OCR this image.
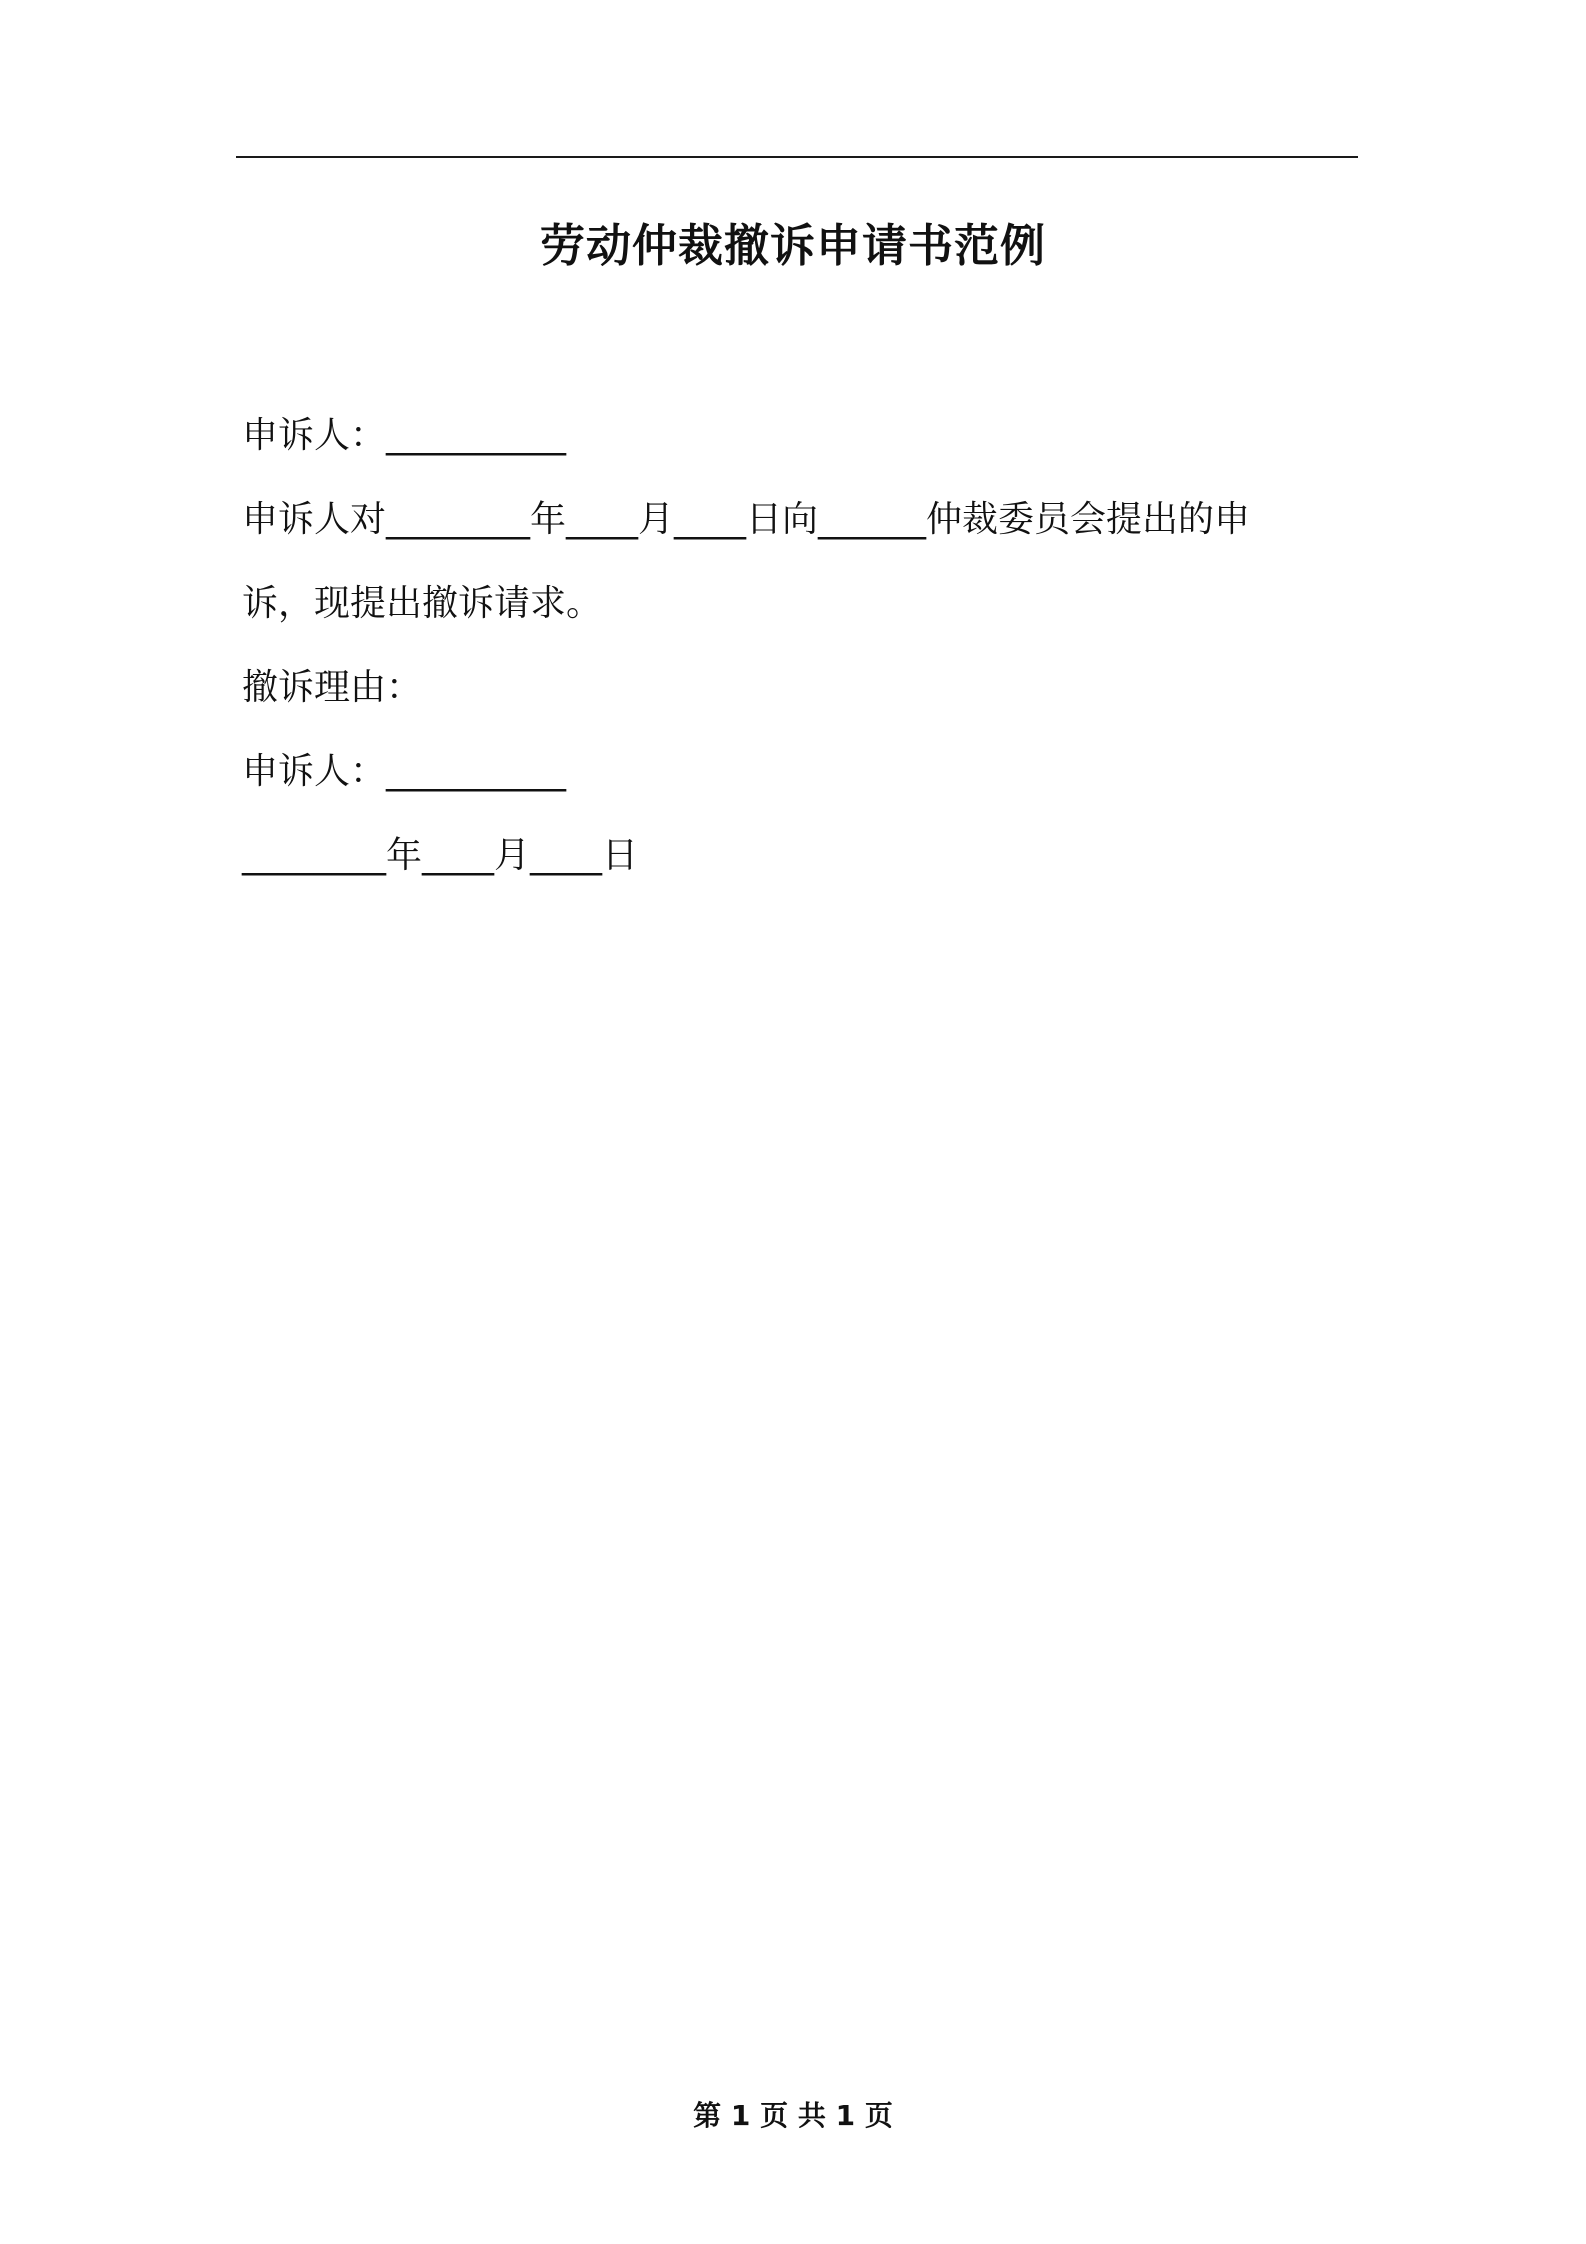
劳动仲裁撤诉申请书范例
申诉人：__________
申诉人对________年____月____日向______仲裁委员会提出的申
诉，现提出撤诉请求。
撤诉理由：
申诉人：__________
________年____月____日
第 1 页 共 1 页
